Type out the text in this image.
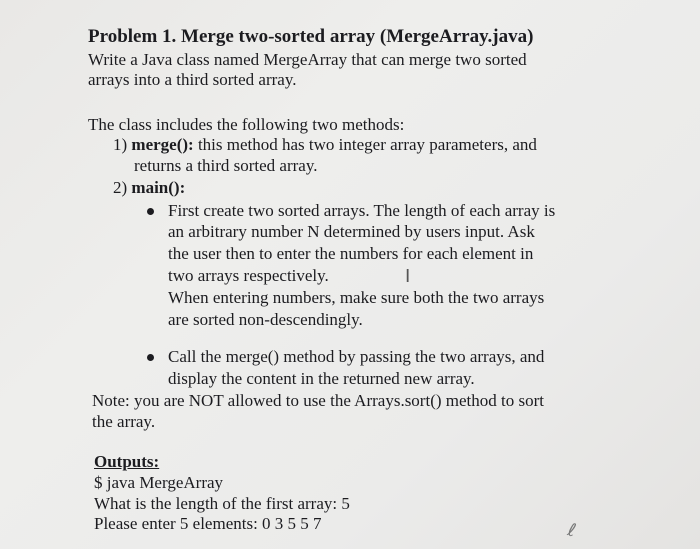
Problem 1. Merge two-sorted array (MergeArray.java)
Write a Java class named MergeArray that can merge two sorted
arrays into a third sorted array.
The class includes the following two methods:
1) merge(): this method has two integer array parameters, and
returns a third sorted array.
2) main():
First create two sorted arrays. The length of each array is
an arbitrary number N determined by users input. Ask
the user then to enter the numbers for each element in
two arrays respectively.	I
When entering numbers, make sure both the two arrays
are sorted non-descendingly.
Call the merge() method by passing the two arrays, and
display the content in the returned new array.
Note: you are NOT allowed to use the Arrays.sort() method to sort
the array.
Outputs:
$ java MergeArray
What is the length of the first array: 5
Please enter 5 elements: 0 3 5 5 7	ℓ
